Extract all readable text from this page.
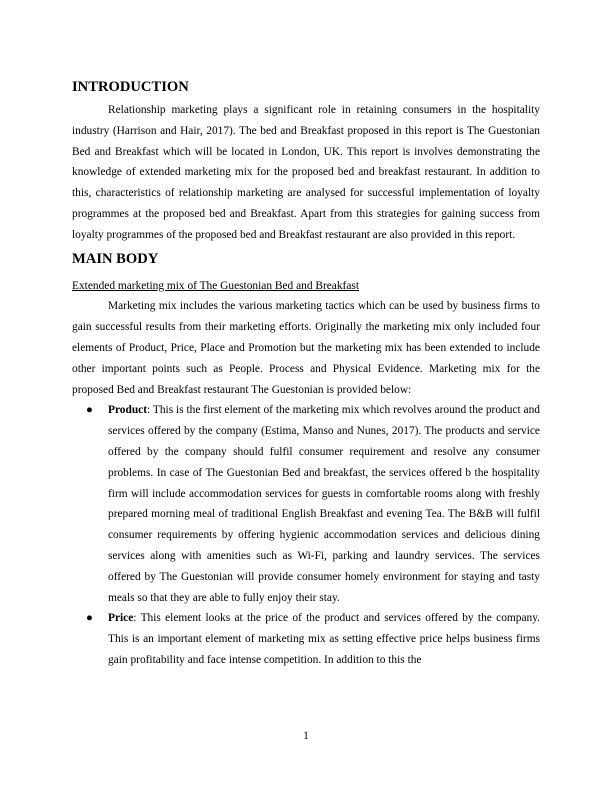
INTRODUCTION

Relationship marketing plays a significant role in retaining consumers in the hospitality industry (Harrison and Hair, 2017). The bed and Breakfast proposed in this report is The Guestonian Bed and Breakfast which will be located in London, UK. This report is involves demonstrating the knowledge of extended marketing mix for the proposed bed and breakfast restaurant. In addition to this, characteristics of relationship marketing are analysed for successful implementation of loyalty programmes at the proposed bed and Breakfast. Apart from this strategies for gaining success from loyalty programmes of the proposed bed and Breakfast restaurant are also provided in this report.

MAIN BODY
Extended marketing mix of The Guestonian Bed and Breakfast

Marketing mix includes the various marketing tactics which can be used by business firms to gain successful results from their marketing efforts. Originally the marketing mix only included four elements of Product, Price, Place and Promotion but the marketing mix has been extended to include other important points such as People. Process and Physical Evidence. Marketing mix for the proposed Bed and Breakfast restaurant The Guestonian is provided below:

● Product: This is the first element of the marketing mix which revolves around the product and services offered by the company (Estima, Manso and Nunes, 2017). The products and service offered by the company should fulfil consumer requirement and resolve any consumer problems. In case of The Guestonian Bed and breakfast, the services offered b the hospitality firm will include accommodation services for guests in comfortable rooms along with freshly prepared morning meal of traditional English Breakfast and evening Tea. The B&B will fulfil consumer requirements by offering hygienic accommodation services and delicious dining services along with amenities such as Wi-Fi, parking and laundry services. The services offered by The Guestonian will provide consumer homely environment for staying and tasty meals so that they are able to fully enjoy their stay.
● Price: This element looks at the price of the product and services offered by the company. This is an important element of marketing mix as setting effective price helps business firms gain profitability and face intense competition. In addition to this the
1
